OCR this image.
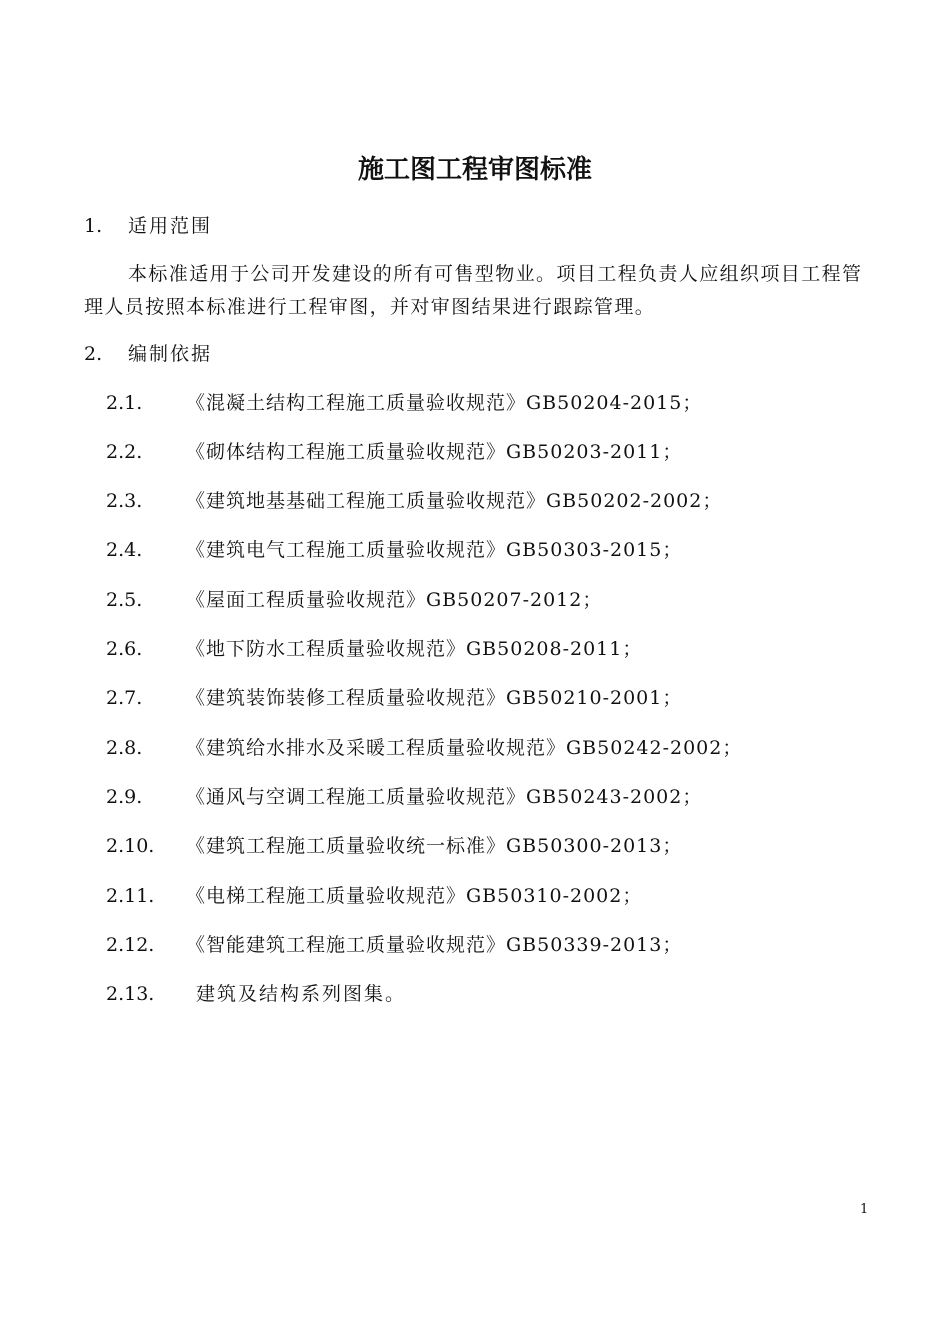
施工图工程审图标准
1. 适用范围
本标准适用于公司开发建设的所有可售型物业。项目工程负责人应组织项目工程管理人员按照本标准进行工程审图，并对审图结果进行跟踪管理。
2. 编制依据
2.1. 《混凝土结构工程施工质量验收规范》GB50204-2015；
2.2. 《砌体结构工程施工质量验收规范》GB50203-2011；
2.3. 《建筑地基基础工程施工质量验收规范》GB50202-2002；
2.4. 《建筑电气工程施工质量验收规范》GB50303-2015；
2.5. 《屋面工程质量验收规范》GB50207-2012；
2.6. 《地下防水工程质量验收规范》GB50208-2011；
2.7. 《建筑装饰装修工程质量验收规范》GB50210-2001；
2.8. 《建筑给水排水及采暖工程质量验收规范》GB50242-2002；
2.9. 《通风与空调工程施工质量验收规范》GB50243-2002；
2.10. 《建筑工程施工质量验收统一标准》GB50300-2013；
2.11. 《电梯工程施工质量验收规范》GB50310-2002；
2.12. 《智能建筑工程施工质量验收规范》GB50339-2013；
2.13. 建筑及结构系列图集。
1
